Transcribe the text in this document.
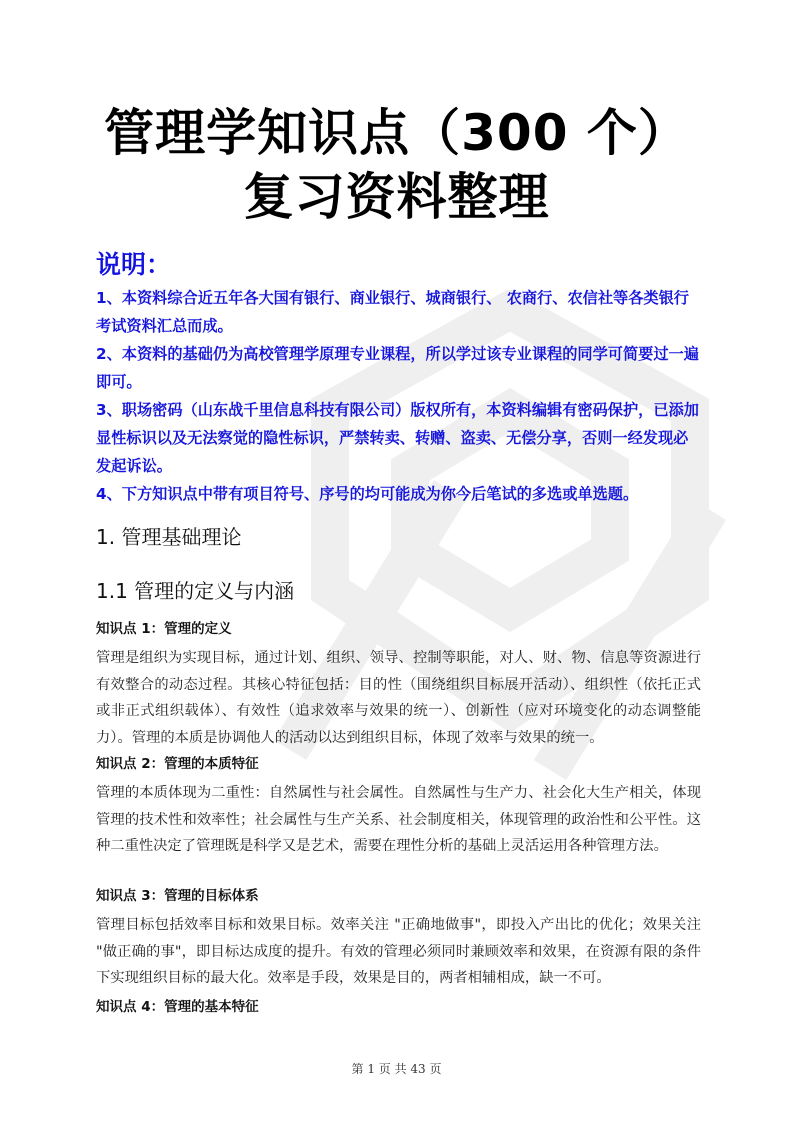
管理学知识点（300 个）
复习资料整理
说明：

1、本资料综合近五年各大国有银行、商业银行、城商银行、 农商行、农信社等各类银行考试资料汇总而成。

2、本资料的基础仍为高校管理学原理专业课程，所以学过该专业课程的同学可简要过一遍即可。

3、职场密码（山东战千里信息科技有限公司）版权所有，本资料编辑有密码保护，已添加显性标识以及无法察觉的隐性标识，严禁转卖、转赠、盗卖、无偿分享，否则一经发现必发起诉讼。

4、下方知识点中带有项目符号、序号的均可能成为你今后笔试的多选或单选题。

1. 管理基础理论
1.1 管理的定义与内涵
知识点 1：管理的定义
管理是组织为实现目标，通过计划、组织、领导、控制等职能，对人、财、物、信息等资源进行有效整合的动态过程。其核心特征包括：目的性（围绕组织目标展开活动）、组织性（依托正式或非正式组织载体）、有效性（追求效率与效果的统一）、创新性（应对环境变化的动态调整能力）。管理的本质是协调他人的活动以达到组织目标，体现了效率与效果的统一。
知识点 2：管理的本质特征
管理的本质体现为二重性：自然属性与社会属性。自然属性与生产力、社会化大生产相关，体现管理的技术性和效率性；社会属性与生产关系、社会制度相关，体现管理的政治性和公平性。这种二重性决定了管理既是科学又是艺术，需要在理性分析的基础上灵活运用各种管理方法。
知识点 3：管理的目标体系
管理目标包括效率目标和效果目标。效率关注 "正确地做事"，即投入产出比的优化；效果关注 "做正确的事"，即目标达成度的提升。有效的管理必须同时兼顾效率和效果，在资源有限的条件下实现组织目标的最大化。效率是手段，效果是目的，两者相辅相成，缺一不可。
知识点 4：管理的基本特征
第 1 页 共 43 页
